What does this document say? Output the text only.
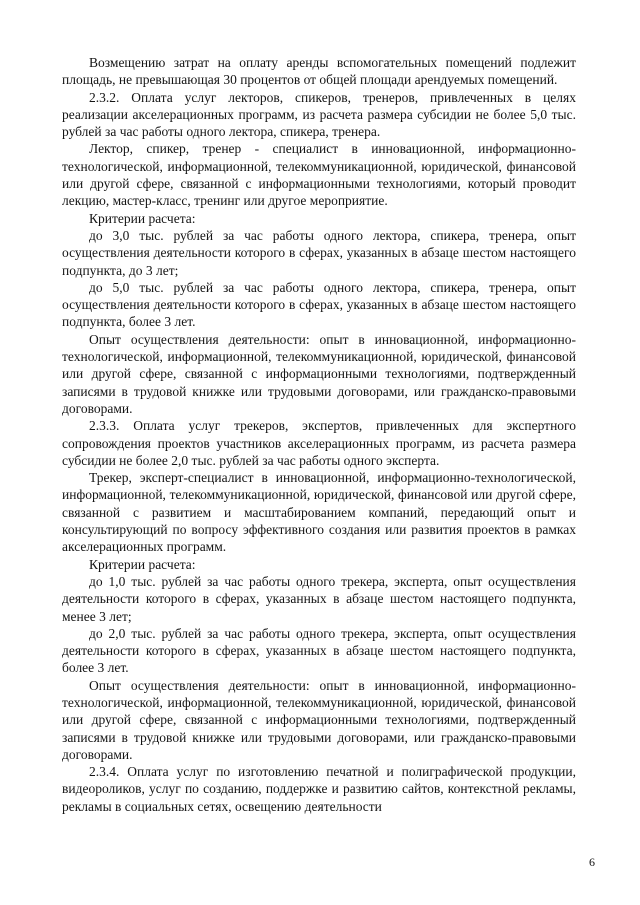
Возмещению затрат на оплату аренды вспомогательных помещений подлежит площадь, не превышающая 30 процентов от общей площади арендуемых помещений.

2.3.2. Оплата услуг лекторов, спикеров, тренеров, привлеченных в целях реализации акселерационных программ, из расчета размера субсидии не более 5,0 тыс. рублей за час работы одного лектора, спикера, тренера.

Лектор, спикер, тренер - специалист в инновационной, информационно-технологической, информационной, телекоммуникационной, юридической, финансовой или другой сфере, связанной с информационными технологиями, который проводит лекцию, мастер-класс, тренинг или другое мероприятие.

Критерии расчета:

до 3,0 тыс. рублей за час работы одного лектора, спикера, тренера, опыт осуществления деятельности которого в сферах, указанных в абзаце шестом настоящего подпункта, до 3 лет;

до 5,0 тыс. рублей за час работы одного лектора, спикера, тренера, опыт осуществления деятельности которого в сферах, указанных в абзаце шестом настоящего подпункта, более 3 лет.

Опыт осуществления деятельности: опыт в инновационной, информационно-технологической, информационной, телекоммуникационной, юридической, финансовой или другой сфере, связанной с информационными технологиями, подтвержденный записями в трудовой книжке или трудовыми договорами, или гражданско-правовыми договорами.

2.3.3. Оплата услуг трекеров, экспертов, привлеченных для экспертного сопровождения проектов участников акселерационных программ, из расчета размера субсидии не более 2,0 тыс. рублей за час работы одного эксперта.

Трекер, эксперт-специалист в инновационной, информационно-технологической, информационной, телекоммуникационной, юридической, финансовой или другой сфере, связанной с развитием и масштабированием компаний, передающий опыт и консультирующий по вопросу эффективного создания или развития проектов в рамках акселерационных программ.

Критерии расчета:

до 1,0 тыс. рублей за час работы одного трекера, эксперта, опыт осуществления деятельности которого в сферах, указанных в абзаце шестом настоящего подпункта, менее 3 лет;

до 2,0 тыс. рублей за час работы одного трекера, эксперта, опыт осуществления деятельности которого в сферах, указанных в абзаце шестом настоящего подпункта, более 3 лет.

Опыт осуществления деятельности: опыт в инновационной, информационно-технологической, информационной, телекоммуникационной, юридической, финансовой или другой сфере, связанной с информационными технологиями, подтвержденный записями в трудовой книжке или трудовыми договорами, или гражданско-правовыми договорами.

2.3.4. Оплата услуг по изготовлению печатной и полиграфической продукции, видеороликов, услуг по созданию, поддержке и развитию сайтов, контекстной рекламы, рекламы в социальных сетях, освещению деятельности

6
